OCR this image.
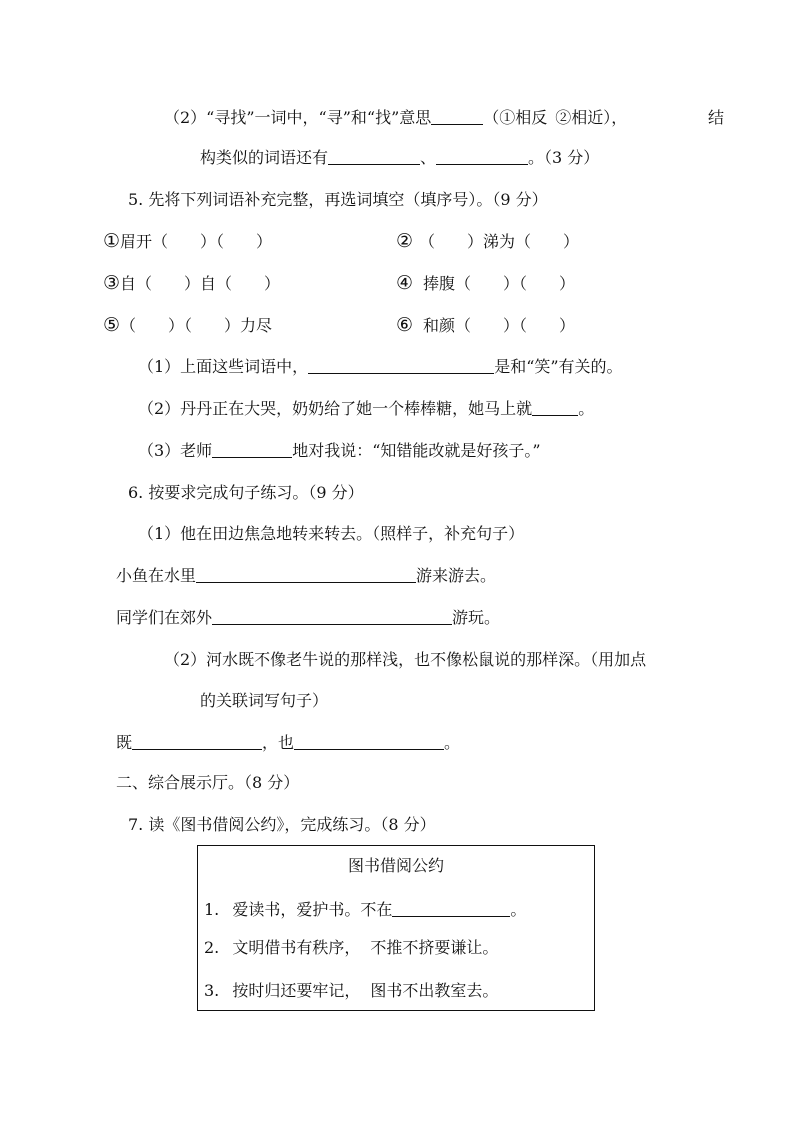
（2）“寻找”一词中，“寻”和“找”意思	（①相反 ②相近），	结
构类似的词语还有	、	。（3 分）
5. 先将下列词语补充完整，再选词填空（填序号）。（9 分）
①眉开（　　）（　　）	② （　　）涕为（　　）
③自（　　）自（　　）	④ 捧腹（　　）（　　）
⑤（　　）（　　）力尽	⑥ 和颜（　　）（　　）
（1）上面这些词语中，	是和“笑”有关的。
（2）丹丹正在大哭，奶奶给了她一个棒棒糖，她马上就	。
（3）老师	地对我说：“知错能改就是好孩子。”
6. 按要求完成句子练习。（9 分）
（1）他在田边焦急地转来转去。（照样子，补充句子）
小鱼在水里	游来游去。
同学们在郊外	游玩。
（2）河水既不像老牛说的那样浅，也不像松鼠说的那样深。（用加点
的关联词写句子）
既	，也	。
二、综合展示厅。（8 分）
7. 读《图书借阅公约》，完成练习。（8 分）
图书借阅公约
1. 爱读书，爱护书。不在	。
2. 文明借书有秩序， 不推不挤要谦让。
3. 按时归还要牢记， 图书不出教室去。
